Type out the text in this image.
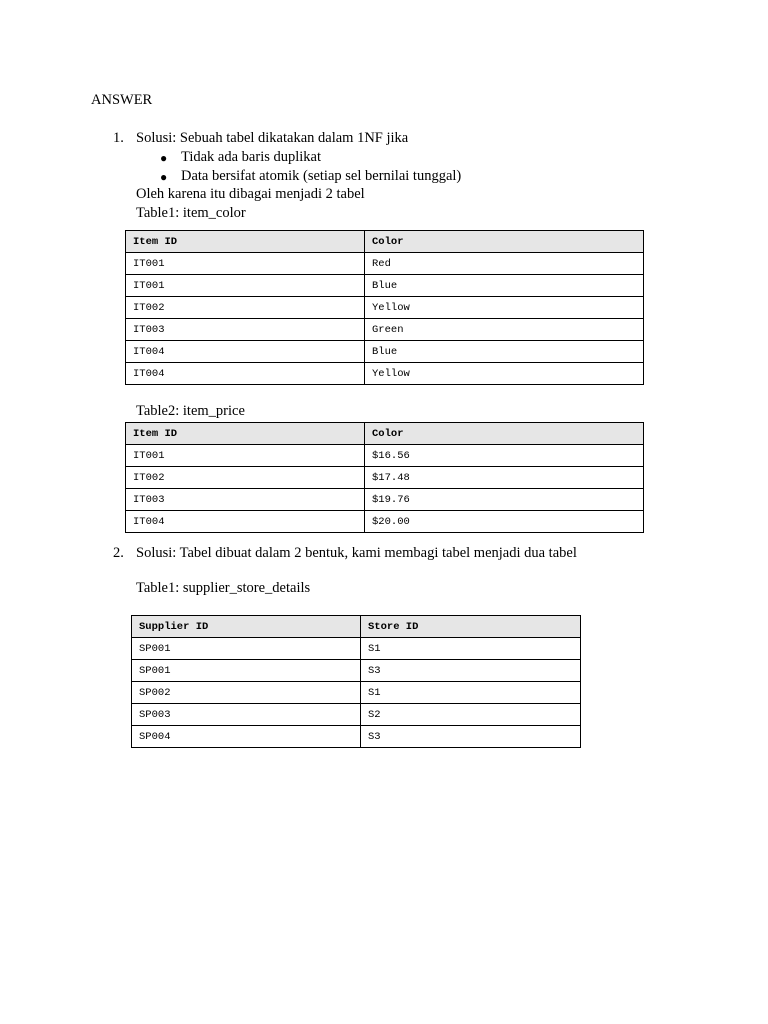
ANSWER
1. Solusi: Sebuah tabel dikatakan dalam 1NF jika
● Tidak ada baris duplikat
● Data bersifat atomik (setiap sel bernilai tunggal)
Oleh karena itu dibagai menjadi 2 tabel
Table1: item_color
Item ID	Color
IT001	Red
IT001	Blue
IT002	Yellow
IT003	Green
IT004	Blue
IT004	Yellow
Table2: item_price
Item ID	Color
IT001	$16.56
IT002	$17.48
IT003	$19.76
IT004	$20.00
2. Solusi: Tabel dibuat dalam 2 bentuk, kami membagi tabel menjadi dua tabel
Table1: supplier_store_details
Supplier ID	Store ID
SP001	S1
SP001	S3
SP002	S1
SP003	S2
SP004	S3
